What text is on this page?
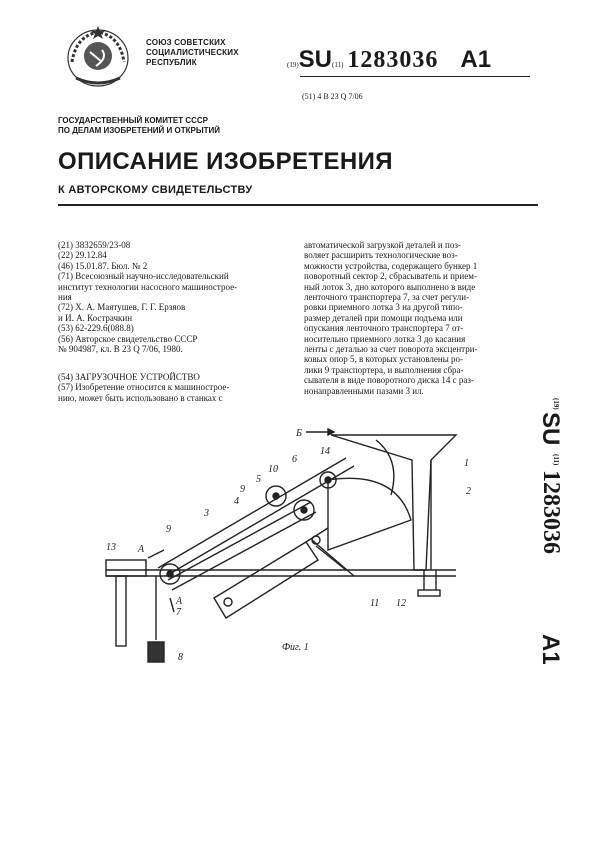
СОЮЗ СОВЕТСКИХ
СОЦИАЛИСТИЧЕСКИХ
РЕСПУБЛИК	(19)SU(11) 1283036 A1
(51) 4 B 23 Q 7/06
ГОСУДАРСТВЕННЫЙ КОМИТЕТ СССР
ПО ДЕЛАМ ИЗОБРЕТЕНИЙ И ОТКРЫТИЙ
ОПИСАНИЕ ИЗОБРЕТЕНИЯ
К АВТОРСКОМУ СВИДЕТЕЛЬСТВУ
(21) 3832659/23-08
(22) 29.12.84
(46) 15.01.87. Бюл. № 2
(71) Всесоюзный научно-исследовательский
институт технологии насосного машинострое-
ния
(72) Х. А. Маятушев, Г. Г. Ерзяов
и И. А. Кострачкин
(53) 62-229.6(088.8)
(56) Авторское свидетельство СССР
№ 904987, кл. В 23 Q 7/06, 1980.
(54) ЗАГРУЗОЧНОЕ УСТРОЙСТВО
(57) Изобретение относится к машинострое-
нию, может быть использовано в станках с
автоматической загрузкой деталей и поз-
воляет расширить технологические воз-
можности устройства, содержащего бункер 1
поворотный сектор 2, сбрасыватель и прием-
ный лоток 3, дно которого выполнено в виде
ленточного транспортера 7, за счет регули-
ровки приемного лотка 3 на другой типо-
размер деталей при помощи подъема или
опускания ленточного транспортера 7 от-
носительно приемного лотка 3 до касания
ленты с деталью за счет поворота эксцентри-
ковых опор 5, в которых установлены ро-
лики 9 транспортера, и выполнения сбра-
сывателя в виде поворотного диска 14 с раз-
нонаправленными пазами 3 ил.
1
2
3
4
5
6
7
8
9
9
10
11 12
13
14
А
А
Б
Фиг. 1
(19)
SU
(11)
1283036
A1
